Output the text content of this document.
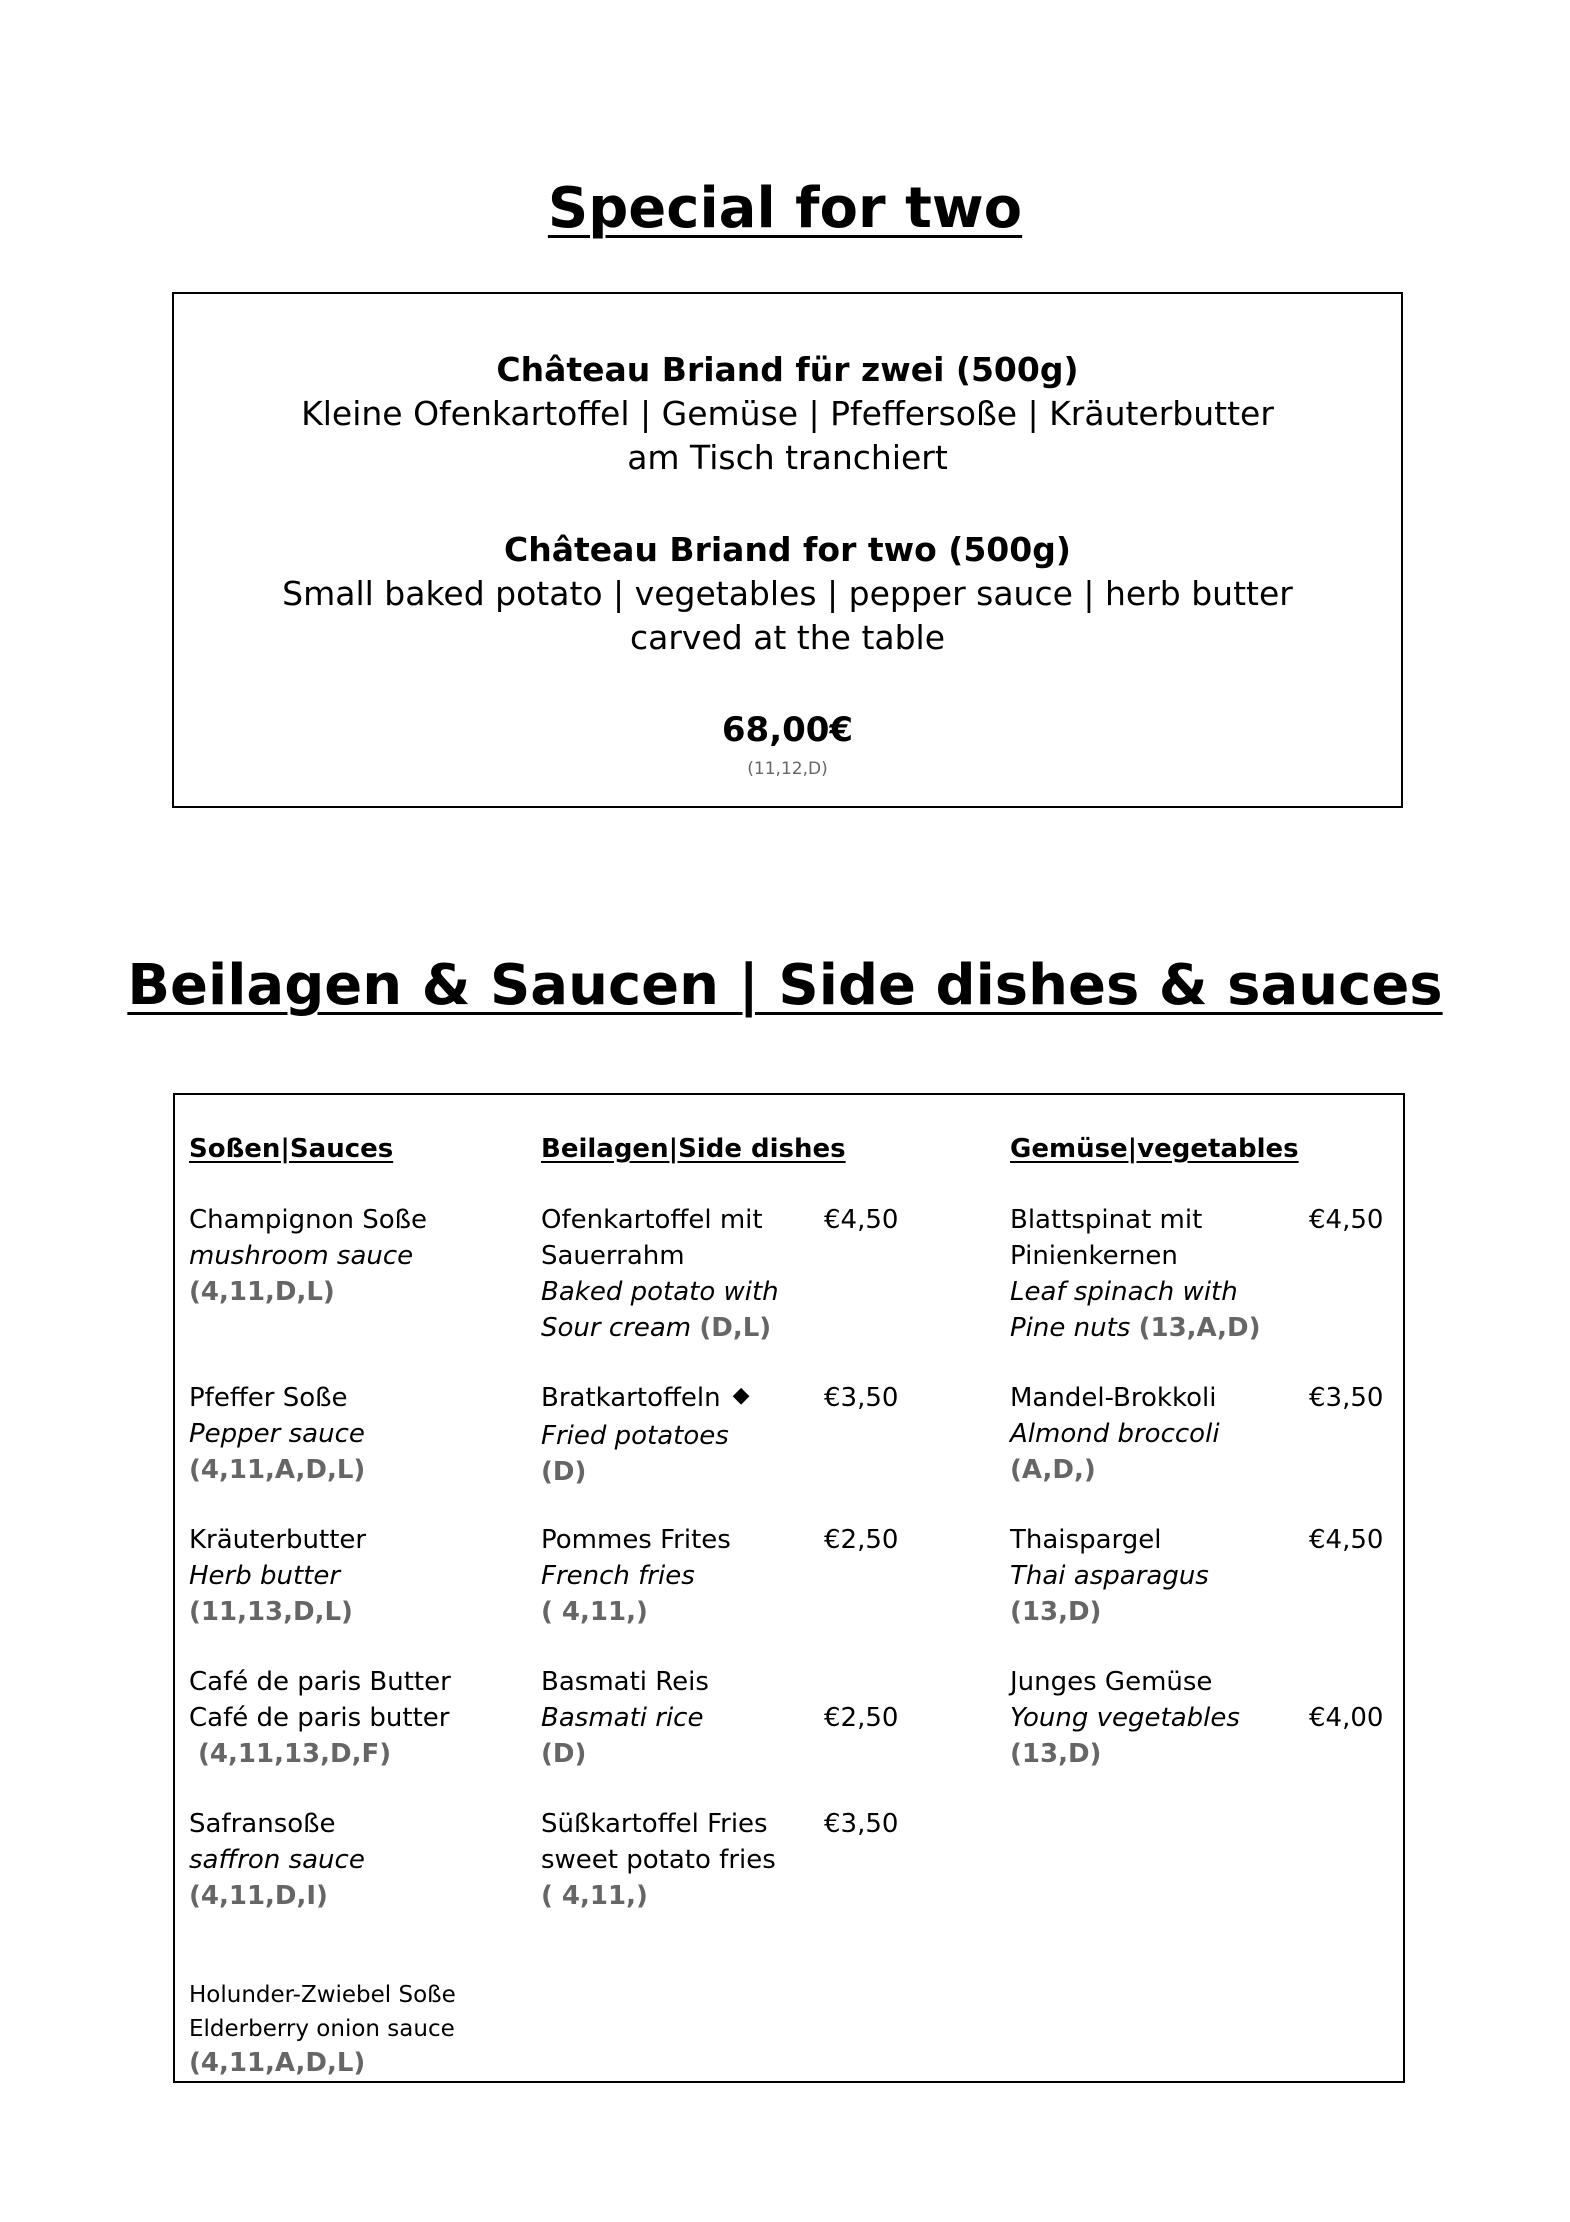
Special for two
Château Briand für zwei (500g)
Kleine Ofenkartoffel | Gemüse | Pfeffersoße | Kräuterbutter
am Tisch tranchiert
Château Briand for two (500g)
Small baked potato | vegetables | pepper sauce | herb butter
carved at the table
68,00€
(11,12,D)
Beilagen & Saucen | Side dishes & sauces
Soßen|Sauces	Beilagen|Side dishes	Gemüse|vegetables
Champignon Soße
mushroom sauce
(4,11,D,L)
Pfeffer Soße
Pepper sauce
(4,11,A,D,L)
Kräuterbutter
Herb butter
(11,13,D,L)
Café de paris Butter
Café de paris butter
(4,11,13,D,F)
Safransoße
saffron sauce
(4,11,D,I)
Holunder-Zwiebel Soße
Elderberry onion sauce
(4,11,A,D,L)
Ofenkartoffel mit
Sauerrahm
Baked potato with
Sour cream (D,L)
€4,50
Bratkartoffeln ◆
Fried potatoes
(D)
€3,50
Pommes Frites
French fries
( 4,11,)
€2,50
Basmati Reis
Basmati rice
(D)
€2,50
Süßkartoffel Fries
sweet potato fries
( 4,11,)
€3,50
Blattspinat mit
Pinienkernen
Leaf spinach with
Pine nuts (13,A,D)
€4,50
Mandel-Brokkoli
Almond broccoli
(A,D,)
€3,50
Thaispargel
Thai asparagus
(13,D)
€4,50
Junges Gemüse
Young vegetables
(13,D)
€4,00
